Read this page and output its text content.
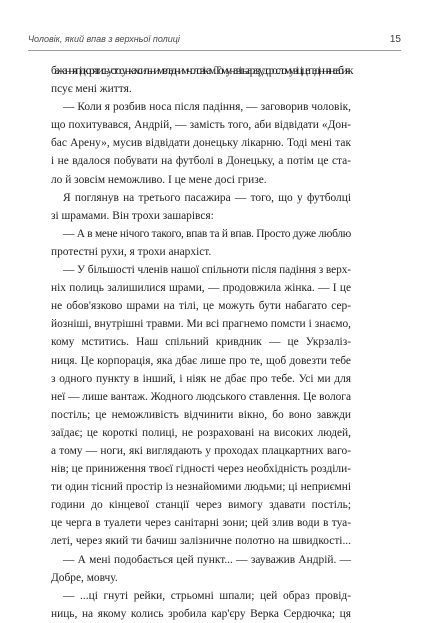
Чоловік, який впав з верхньої полиці	15
бажання підкорятись у стосунках сильним владним чоловікам. Тому навіть зараз, у дорослому віці, це падіння неабияк
псує мені життя.
— Коли я розбив носа після падіння, — заговорив чоловік,
що похитувався, Андрій, — замість того, аби відвідати «Дон-
бас Арену», мусив відвідати донецьку лікарню. Тоді мені так
і не вдалося побувати на футболі в Донецьку, а потім це ста-
ло й зовсім неможливо. І це мене досі гризе.
Я поглянув на третього пасажира — того, що у футболці
зі шрамами. Він трохи зашарівся:
— А в мене нічого такого, впав та й впав. Просто дуже люблю
протестні рухи, я трохи анархіст.
— У більшості членів нашої спільноти після падіння з верх-
ніх полиць залишилися шрами, — продовжила жінка. — І це
не обов'язково шрами на тілі, це можуть бути набагато сер-
йозніші, внутрішні травми. Ми всі прагнемо помсти і знаємо,
кому мститись. Наш спільний кривдник — це Укрзаліз-
ниця. Це корпорація, яка дбає лише про те, щоб довезти тебе
з одного пункту в інший, і ніяк не дбає про тебе. Усі ми для
неї — лише вантаж. Жодного людського ставлення. Це волога
постіль; це неможливість відчинити вікно, бо воно завжди
заїдає; це короткі полиці, не розраховані на високих людей,
а тому — ноги, які виглядають у проходах плацкартних ваго-
нів; це приниження твоєї гідності через необхідність розділи-
ти один тісний простір із незнайомими людьми; ці неприємні
години до кінцевої станції через вимогу здавати постіль;
це черга в туалети через санітарні зони; цей злив води в туа-
леті, через який ти бачиш залізничне полотно на швидкості...
— А мені подобається цей пункт... — зауважив Андрій. —
Добре, мовчу.
— ...ці гнуті рейки, стрьомні шпали; цей образ провід-
ниць, на якому колись зробила кар'єру Верка Сердючка; ця
